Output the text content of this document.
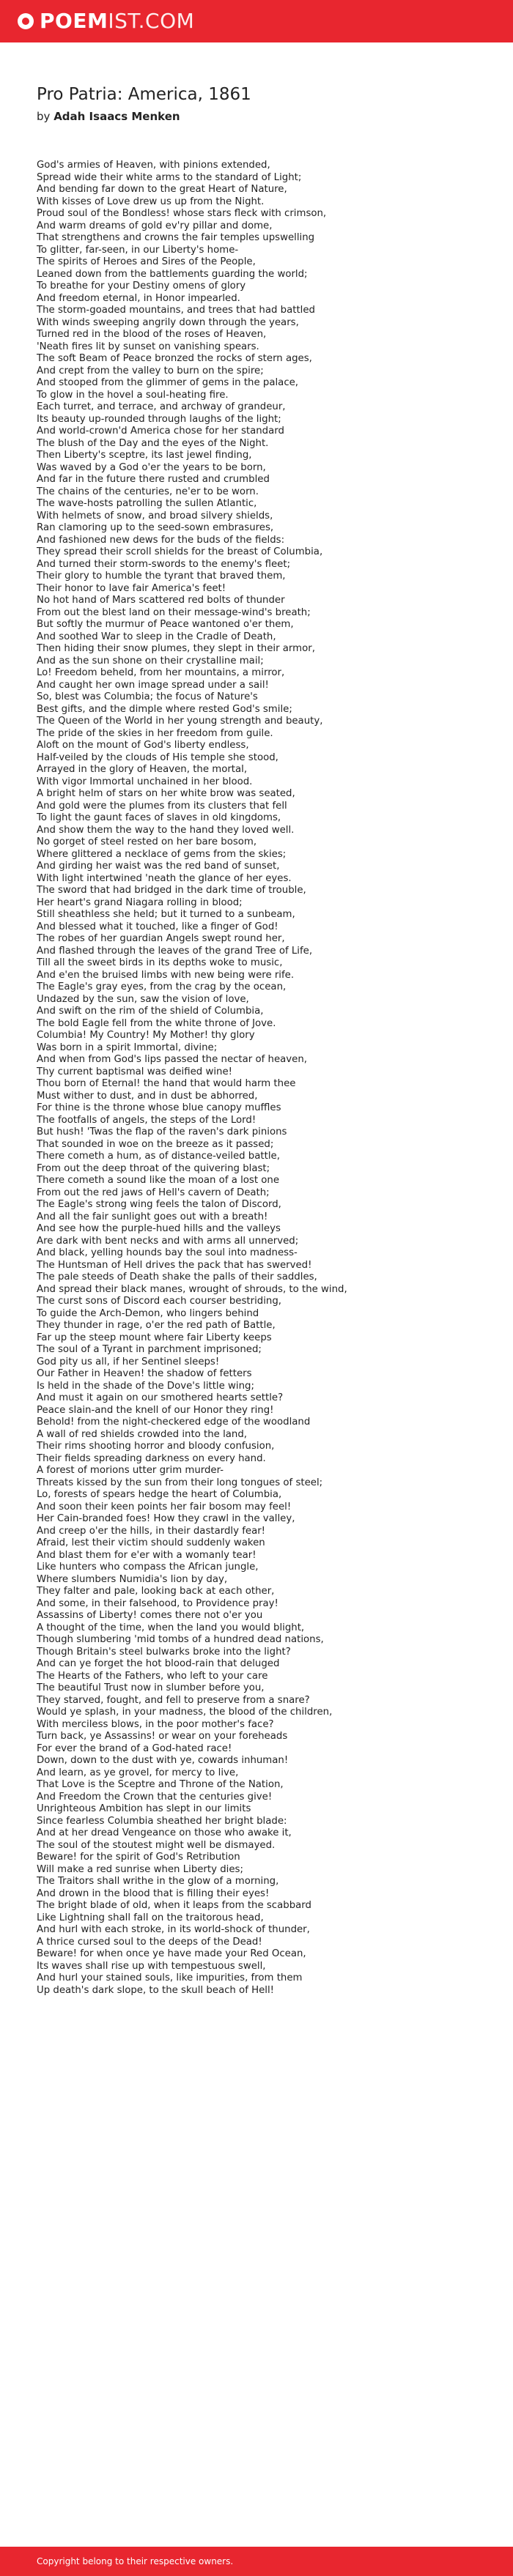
POEMIST.COM
Pro Patria: America, 1861
by Adah Isaacs Menken
God's armies of Heaven, with pinions extended,
Spread wide their white arms to the standard of Light;
And bending far down to the great Heart of Nature,
With kisses of Love drew us up from the Night.
Proud soul of the Bondless! whose stars fleck with crimson,
And warm dreams of gold ev'ry pillar and dome,
That strengthens and crowns the fair temples upswelling
To glitter, far-seen, in our Liberty's home-
The spirits of Heroes and Sires of the People,
Leaned down from the battlements guarding the world;
To breathe for your Destiny omens of glory
And freedom eternal, in Honor impearled.
The storm-goaded mountains, and trees that had battled
With winds sweeping angrily down through the years,
Turned red in the blood of the roses of Heaven,
'Neath fires lit by sunset on vanishing spears.
The soft Beam of Peace bronzed the rocks of stern ages,
And crept from the valley to burn on the spire;
And stooped from the glimmer of gems in the palace,
To glow in the hovel a soul-heating fire.
Each turret, and terrace, and archway of grandeur,
Its beauty up-rounded through laughs of the light;
And world-crown'd America chose for her standard
The blush of the Day and the eyes of the Night.
Then Liberty's sceptre, its last jewel finding,
Was waved by a God o'er the years to be born,
And far in the future there rusted and crumbled
The chains of the centuries, ne'er to be worn.
The wave-hosts patrolling the sullen Atlantic,
With helmets of snow, and broad silvery shields,
Ran clamoring up to the seed-sown embrasures,
And fashioned new dews for the buds of the fields:
They spread their scroll shields for the breast of Columbia,
And turned their storm-swords to the enemy's fleet;
Their glory to humble the tyrant that braved them,
Their honor to lave fair America's feet!
No hot hand of Mars scattered red bolts of thunder
From out the blest land on their message-wind's breath;
But softly the murmur of Peace wantoned o'er them,
And soothed War to sleep in the Cradle of Death,
Then hiding their snow plumes, they slept in their armor,
And as the sun shone on their crystalline mail;
Lo! Freedom beheld, from her mountains, a mirror,
And caught her own image spread under a sail!
So, blest was Columbia; the focus of Nature's
Best gifts, and the dimple where rested God's smile;
The Queen of the World in her young strength and beauty,
The pride of the skies in her freedom from guile.
Aloft on the mount of God's liberty endless,
Half-veiled by the clouds of His temple she stood,
Arrayed in the glory of Heaven, the mortal,
With vigor Immortal unchained in her blood.
A bright helm of stars on her white brow was seated,
And gold were the plumes from its clusters that fell
To light the gaunt faces of slaves in old kingdoms,
And show them the way to the hand they loved well.
No gorget of steel rested on her bare bosom,
Where glittered a necklace of gems from the skies;
And girding her waist was the red band of sunset,
With light intertwined 'neath the glance of her eyes.
The sword that had bridged in the dark time of trouble,
Her heart's grand Niagara rolling in blood;
Still sheathless she held; but it turned to a sunbeam,
And blessed what it touched, like a finger of God!
The robes of her guardian Angels swept round her,
And flashed through the leaves of the grand Tree of Life,
Till all the sweet birds in its depths woke to music,
And e'en the bruised limbs with new being were rife.
The Eagle's gray eyes, from the crag by the ocean,
Undazed by the sun, saw the vision of love,
And swift on the rim of the shield of Columbia,
The bold Eagle fell from the white throne of Jove.
Columbia! My Country! My Mother! thy glory
Was born in a spirit Immortal, divine;
And when from God's lips passed the nectar of heaven,
Thy current baptismal was deified wine!
Thou born of Eternal! the hand that would harm thee
Must wither to dust, and in dust be abhorred,
For thine is the throne whose blue canopy muffles
The footfalls of angels, the steps of the Lord!
But hush! 'Twas the flap of the raven's dark pinions
That sounded in woe on the breeze as it passed;
There cometh a hum, as of distance-veiled battle,
From out the deep throat of the quivering blast;
There cometh a sound like the moan of a lost one
From out the red jaws of Hell's cavern of Death;
The Eagle's strong wing feels the talon of Discord,
And all the fair sunlight goes out with a breath!
And see how the purple-hued hills and the valleys
Are dark with bent necks and with arms all unnerved;
And black, yelling hounds bay the soul into madness-
The Huntsman of Hell drives the pack that has swerved!
The pale steeds of Death shake the palls of their saddles,
And spread their black manes, wrought of shrouds, to the wind,
The curst sons of Discord each courser bestriding,
To guide the Arch-Demon, who lingers behind
They thunder in rage, o'er the red path of Battle,
Far up the steep mount where fair Liberty keeps
The soul of a Tyrant in parchment imprisoned;
God pity us all, if her Sentinel sleeps!
Our Father in Heaven! the shadow of fetters
Is held in the shade of the Dove's little wing;
And must it again on our smothered hearts settle?
Peace slain-and the knell of our Honor they ring!
Behold! from the night-checkered edge of the woodland
A wall of red shields crowded into the land,
Their rims shooting horror and bloody confusion,
Their fields spreading darkness on every hand.
A forest of morions utter grim murder-
Threats kissed by the sun from their long tongues of steel;
Lo, forests of spears hedge the heart of Columbia,
And soon their keen points her fair bosom may feel!
Her Cain-branded foes! How they crawl in the valley,
And creep o'er the hills, in their dastardly fear!
Afraid, lest their victim should suddenly waken
And blast them for e'er with a womanly tear!
Like hunters who compass the African jungle,
Where slumbers Numidia's lion by day,
They falter and pale, looking back at each other,
And some, in their falsehood, to Providence pray!
Assassins of Liberty! comes there not o'er you
A thought of the time, when the land you would blight,
Though slumbering 'mid tombs of a hundred dead nations,
Though Britain's steel bulwarks broke into the light?
And can ye forget the hot blood-rain that deluged
The Hearts of the Fathers, who left to your care
The beautiful Trust now in slumber before you,
They starved, fought, and fell to preserve from a snare?
Would ye splash, in your madness, the blood of the children,
With merciless blows, in the poor mother's face?
Turn back, ye Assassins! or wear on your foreheads
For ever the brand of a God-hated race!
Down, down to the dust with ye, cowards inhuman!
And learn, as ye grovel, for mercy to live,
That Love is the Sceptre and Throne of the Nation,
And Freedom the Crown that the centuries give!
Unrighteous Ambition has slept in our limits
Since fearless Columbia sheathed her bright blade:
And at her dread Vengeance on those who awake it,
The soul of the stoutest might well be dismayed.
Beware! for the spirit of God's Retribution
Will make a red sunrise when Liberty dies;
The Traitors shall writhe in the glow of a morning,
And drown in the blood that is filling their eyes!
The bright blade of old, when it leaps from the scabbard
Like Lightning shall fall on the traitorous head,
And hurl with each stroke, in its world-shock of thunder,
A thrice cursed soul to the deeps of the Dead!
Beware! for when once ye have made your Red Ocean,
Its waves shall rise up with tempestuous swell,
And hurl your stained souls, like impurities, from them
Up death's dark slope, to the skull beach of Hell!
Copyright belong to their respective owners.
